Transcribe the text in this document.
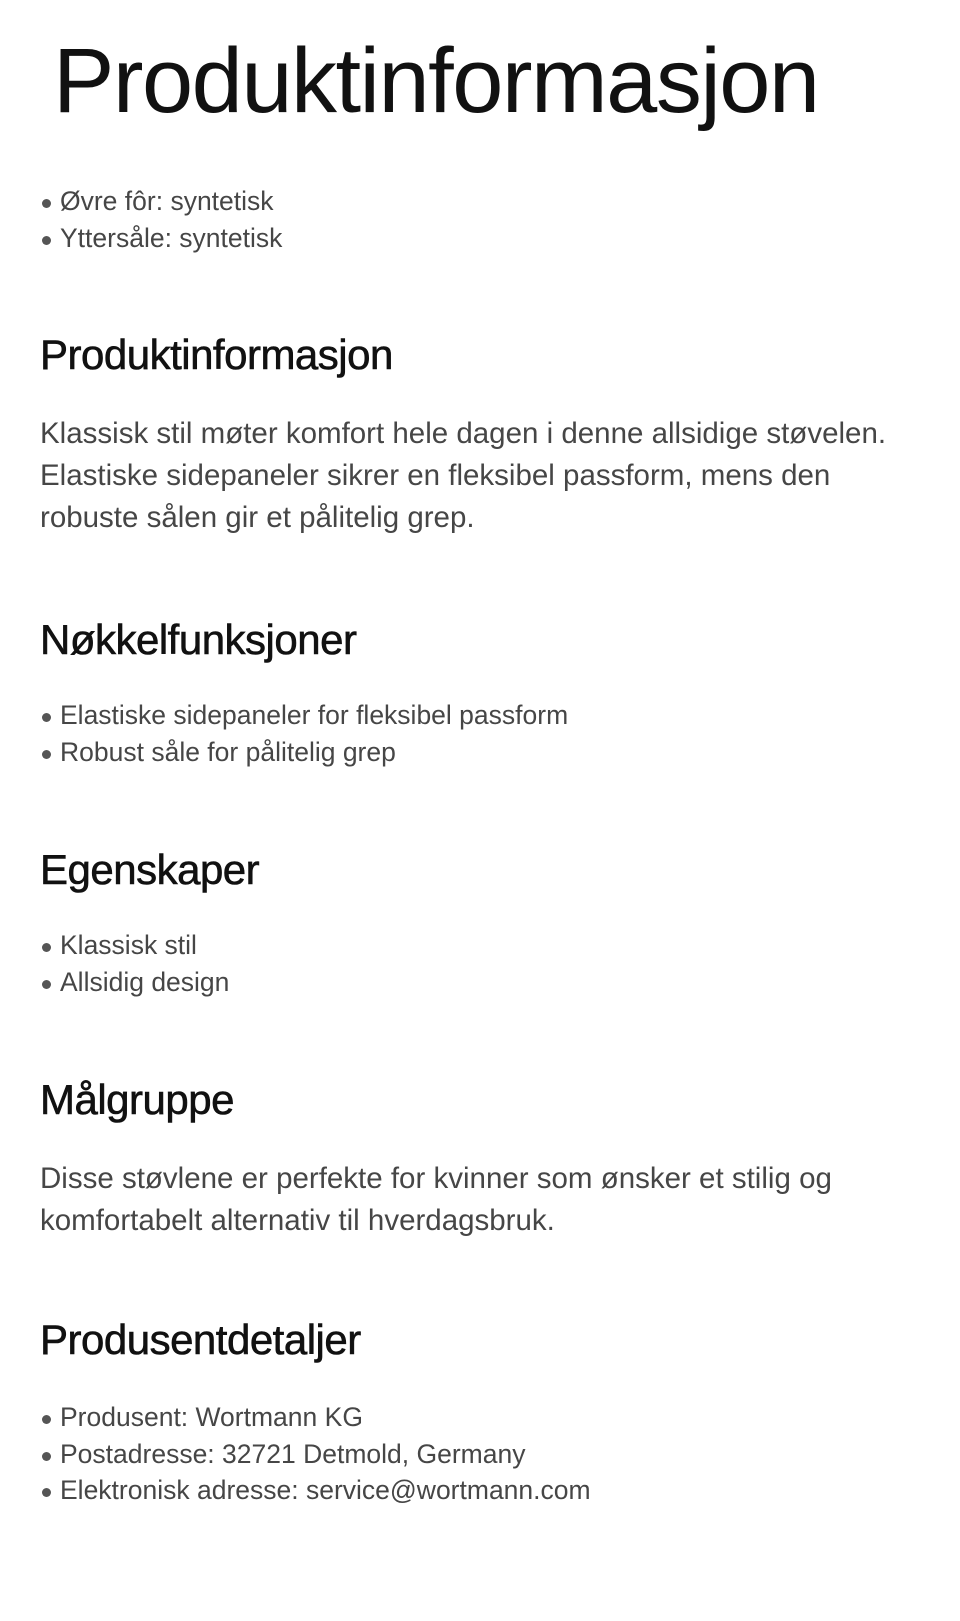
Produktinformasjon
Øvre fôr: syntetisk
Yttersåle: syntetisk
Produktinformasjon

Klassisk stil møter komfort hele dagen i denne allsidige støvelen. Elastiske sidepaneler sikrer en fleksibel passform, mens den robuste sålen gir et pålitelig grep.

Nøkkelfunksjoner
Elastiske sidepaneler for fleksibel passform
Robust såle for pålitelig grep
Egenskaper
Klassisk stil
Allsidig design
Målgruppe

Disse støvlene er perfekte for kvinner som ønsker et stilig og komfortabelt alternativ til hverdagsbruk.

Produsentdetaljer
Produsent: Wortmann KG
Postadresse: 32721 Detmold, Germany
Elektronisk adresse: service@wortmann.com
